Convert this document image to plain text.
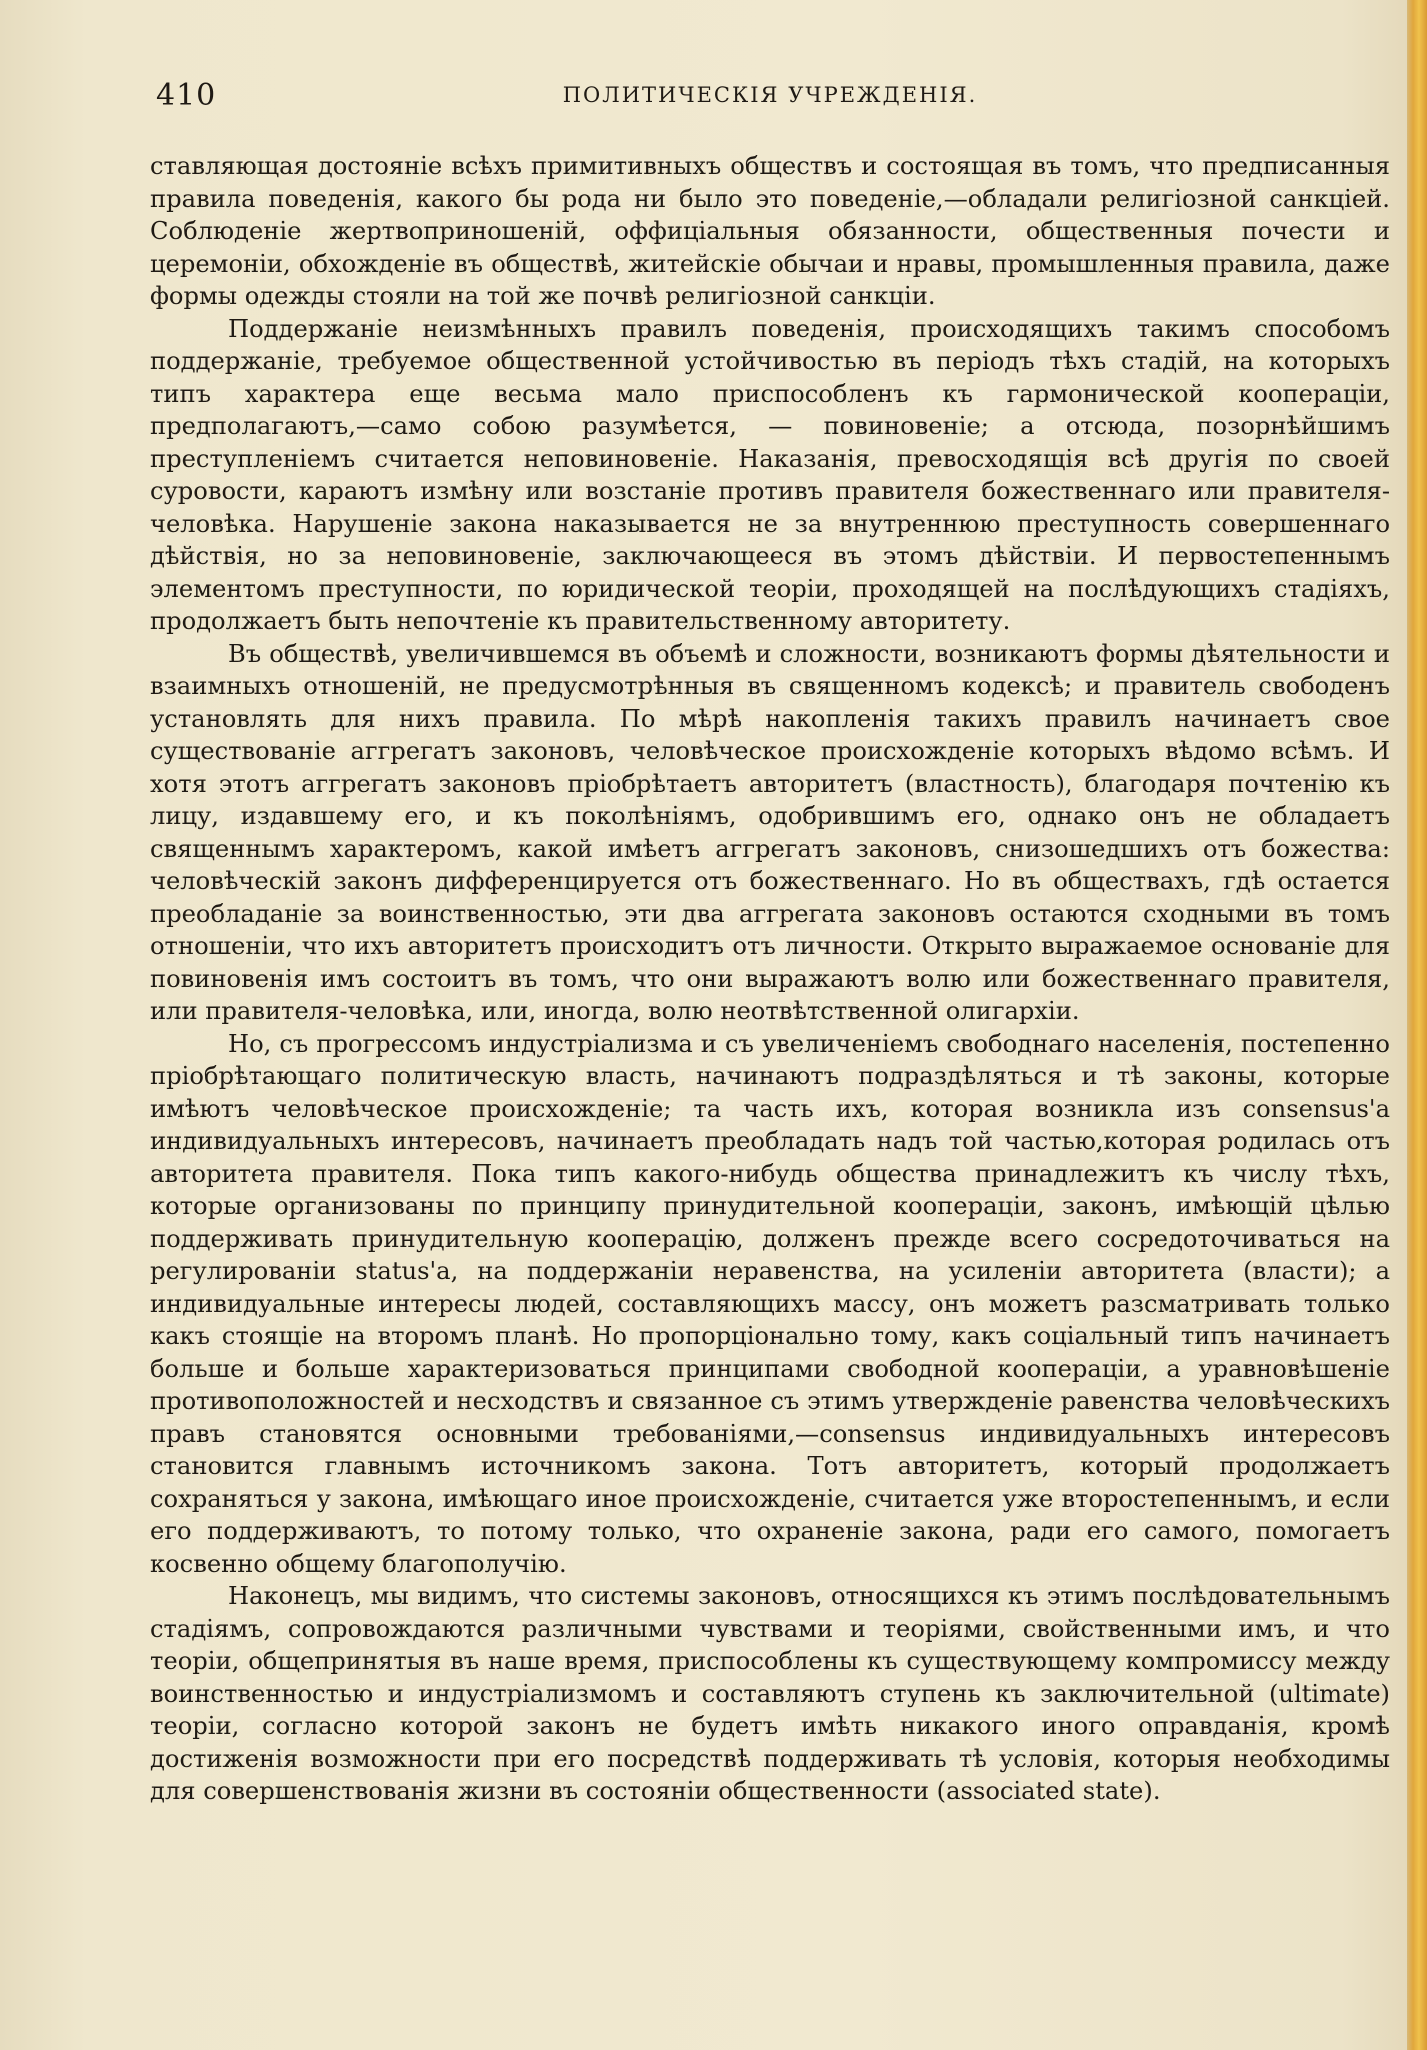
410	ПОЛИТИЧЕСКІЯ УЧРЕЖДЕНІЯ.

ставляющая достояніе всѣхъ примитивныхъ обществъ и состоящая въ томъ, что предписанныя правила поведенія, какого бы рода ни было это поведеніе,—обладали религіозной санкціей. Соблюденіе жертвоприношеній, оффиціальныя обязанности, общественныя почести и церемоніи, обхожденіе въ обществѣ, житейскіе обычаи и нравы, промышленныя правила, даже формы одежды стояли на той же почвѣ религіозной санкціи.

Поддержаніе неизмѣнныхъ правилъ поведенія, происходящихъ такимъ способомъ поддержаніе, требуемое общественной устойчивостью въ періодъ тѣхъ стадій, на которыхъ типъ характера еще весьма мало приспособленъ къ гармонической коопераціи, предполагаютъ,—само собою разумѣется, — повиновеніе; а отсюда, позорнѣйшимъ преступленіемъ считается неповиновеніе. Наказанія, превосходящія всѣ другія по своей суровости, караютъ измѣну или возстаніе противъ правителя божественнаго или правителя-человѣка. Нарушеніе закона наказывается не за внутреннюю преступность совершеннаго дѣйствія, но за неповиновеніе, заключающееся въ этомъ дѣйствіи. И первостепеннымъ элементомъ преступности, по юридической теоріи, проходящей на послѣдующихъ стадіяхъ, продолжаетъ быть непочтеніе къ правительственному авторитету.

Въ обществѣ, увеличившемся въ объемѣ и сложности, возникаютъ формы дѣятельности и взаимныхъ отношеній, не предусмотрѣнныя въ священномъ кодексѣ; и правитель свободенъ установлять для нихъ правила. По мѣрѣ накопленія такихъ правилъ начинаетъ свое существованіе аггрегатъ законовъ, человѣческое происхожденіе которыхъ вѣдомо всѣмъ. И хотя этотъ аггрегатъ законовъ пріобрѣтаетъ авторитетъ (властность), благодаря почтенію къ лицу, издавшему его, и къ поколѣніямъ, одобрившимъ его, однако онъ не обладаетъ священнымъ характеромъ, какой имѣетъ аггрегатъ законовъ, снизошедшихъ отъ божества: человѣческій законъ дифференцируется отъ божественнаго. Но въ обществахъ, гдѣ остается преобладаніе за воинственностью, эти два аггрегата законовъ остаются сходными въ томъ отношеніи, что ихъ авторитетъ происходитъ отъ личности. Открыто выражаемое основаніе для повиновенія имъ состоитъ въ томъ, что они выражаютъ волю или божественнаго правителя, или правителя-человѣка, или, иногда, волю неотвѣтственной олигархіи.

Но, съ прогрессомъ индустріализма и съ увеличеніемъ свободнаго населенія, постепенно пріобрѣтающаго политическую власть, начинаютъ подраздѣляться и тѣ законы, которые имѣютъ человѣческое происхожденіе; та часть ихъ, которая возникла изъ consensus'а индивидуальныхъ интересовъ, начинаетъ преобладать надъ той частью,которая родилась отъ авторитета правителя. Пока типъ какого-нибудь общества принадлежитъ къ числу тѣхъ, которые организованы по принципу принудительной коопераціи, законъ, имѣющій цѣлью поддерживать принудительную кооперацію, долженъ прежде всего сосредоточиваться на регулированіи status'а, на поддержаніи неравенства, на усиленіи авторитета (власти); а индивидуальные интересы людей, составляющихъ массу, онъ можетъ разсматривать только какъ стоящіе на второмъ планѣ. Но пропорціонально тому, какъ соціальный типъ начинаетъ больше и больше характеризоваться принципами свободной коопераціи, а уравновѣшеніе противоположностей и несходствъ и связанное съ этимъ утвержденіе равенства человѣческихъ правъ становятся основными требованіями,—consensus индивидуальныхъ интересовъ становится главнымъ источникомъ закона. Тотъ авторитетъ, который продолжаетъ сохраняться у закона, имѣющаго иное происхожденіе, считается уже второстепеннымъ, и если его поддерживаютъ, то потому только, что охраненіе закона, ради его самого, помогаетъ косвенно общему благополучію.

Наконецъ, мы видимъ, что системы законовъ, относящихся къ этимъ послѣдовательнымъ стадіямъ, сопровождаются различными чувствами и теоріями, свойственными имъ, и что теоріи, общепринятыя въ наше время, приспособлены къ существующему компромиссу между воинственностью и индустріализмомъ и составляютъ ступень къ заключительной (ultimate) теоріи, согласно которой законъ не будетъ имѣть никакого иного оправданія, кромѣ достиженія возможности при его посредствѣ поддерживать тѣ условія, которыя необходимы для совершенствованія жизни въ состояніи общественности (associated state).
